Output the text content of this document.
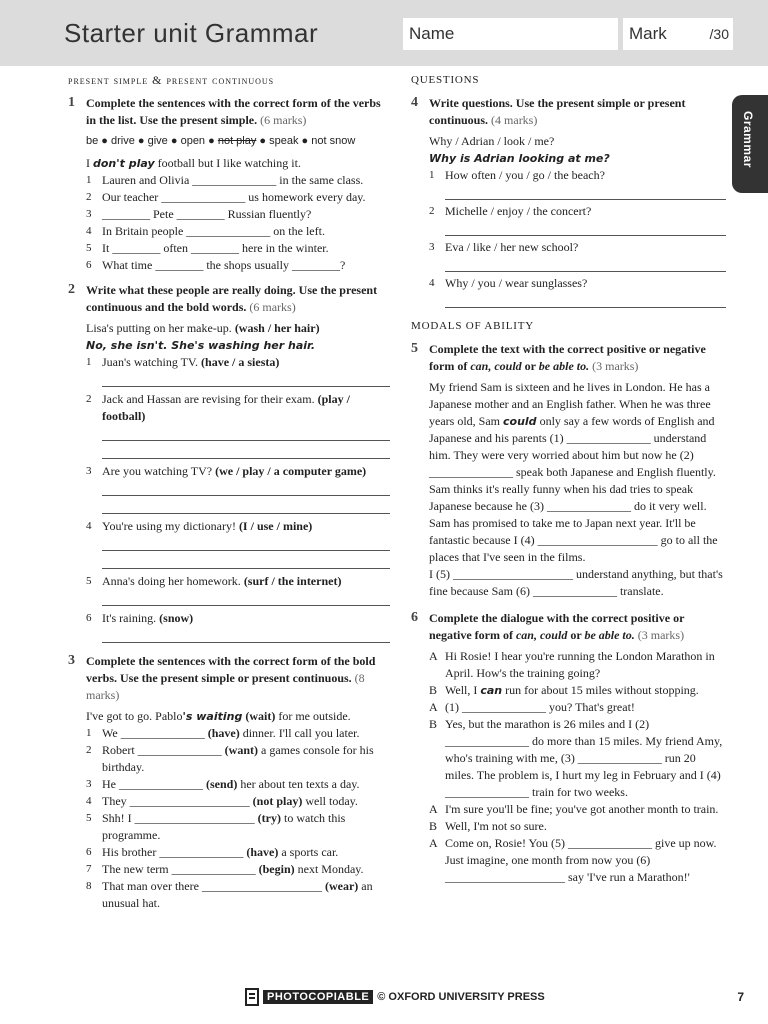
Starter unit Grammar	Name	Mark	/30
Grammar
present simple & present continuous
1 Complete the sentences with the correct form of the verbs in the list. Use the present simple. (6 marks)
be ● drive ● give ● open ● not play ● speak ● not snow
I don't play football but I like watching it.
1 Lauren and Olivia ______________ in the same class.
2 Our teacher ______________ us homework every day.
3 ________ Pete ________ Russian fluently?
4 In Britain people ______________ on the left.
5 It ________ often ________ here in the winter.
6 What time ________ the shops usually ________?
2 Write what these people are really doing. Use the present continuous and the bold words. (6 marks)
Lisa's putting on her make-up. (wash / her hair)
No, she isn't. She's washing her hair.
1 Juan's watching TV. (have / a siesta)
2 Jack and Hassan are revising for their exam. (play / football)
3 Are you watching TV? (we / play / a computer game)
4 You're using my dictionary! (I / use / mine)
5 Anna's doing her homework. (surf / the internet)
6 It's raining. (snow)
3 Complete the sentences with the correct form of the bold verbs. Use the present simple or present continuous. (8 marks)
I've got to go. Pablo's waiting (wait) for me outside.
1 We ______________ (have) dinner. I'll call you later.
2 Robert ______________ (want) a games console for his birthday.
3 He ______________ (send) her about ten texts a day.
4 They ____________________ (not play) well today.
5 Shh! I ____________________ (try) to watch this programme.
6 His brother ______________ (have) a sports car.
7 The new term ______________ (begin) next Monday.
8 That man over there ____________________ (wear) an unusual hat.
QUESTIONS
4 Write questions. Use the present simple or present continuous. (4 marks)
Why / Adrian / look / me?
Why is Adrian looking at me?
1 How often / you / go / the beach?
2 Michelle / enjoy / the concert?
3 Eva / like / her new school?
4 Why / you / wear sunglasses?
MODALS OF ABILITY
5 Complete the text with the correct positive or negative form of can, could or be able to. (3 marks)
My friend Sam is sixteen and he lives in London. He has a Japanese mother and an English father. When he was three years old, Sam could only say a few words of English and Japanese and his parents (1) ______________ understand him. They were very worried about him but now he (2) ______________ speak both Japanese and English fluently. Sam thinks it's really funny when his dad tries to speak Japanese because he (3) ______________ do it very well. Sam has promised to take me to Japan next year. It'll be fantastic because I (4) ____________________ go to all the places that I've seen in the films.
I (5) ____________________ understand anything, but that's fine because Sam (6) ______________ translate.
6 Complete the dialogue with the correct positive or negative form of can, could or be able to. (3 marks)
A Hi Rosie! I hear you're running the London Marathon in April. How's the training going?
B Well, I can run for about 15 miles without stopping.
A (1) ______________ you? That's great!
B Yes, but the marathon is 26 miles and I (2) ______________ do more than 15 miles. My friend Amy, who's training with me, (3) ______________ run 20 miles. The problem is, I hurt my leg in February and I (4) ______________ train for two weeks.
A I'm sure you'll be fine; you've got another month to train.
B Well, I'm not so sure.
A Come on, Rosie! You (5) ______________ give up now. Just imagine, one month from now you (6) ____________________ say 'I've run a Marathon!'
PHOTOCOPIABLE © OXFORD UNIVERSITY PRESS	7
